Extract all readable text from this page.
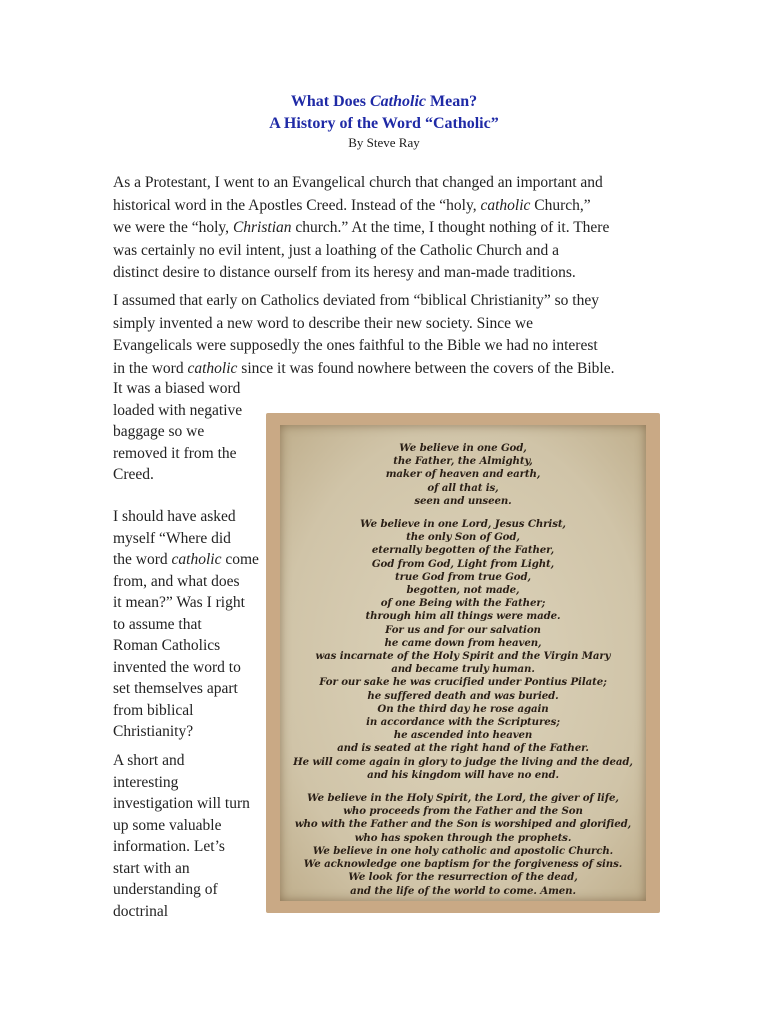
What Does Catholic Mean?
A History of the Word “Catholic”
By Steve Ray
As a Protestant, I went to an Evangelical church that changed an important and
historical word in the Apostles Creed. Instead of the “holy, catholic Church,”
we were the “holy, Christian church.” At the time, I thought nothing of it. There
was certainly no evil intent, just a loathing of the Catholic Church and a
distinct desire to distance ourself from its heresy and man-made traditions.
I assumed that early on Catholics deviated from “biblical Christianity” so they
simply invented a new word to describe their new society. Since we
Evangelicals were supposedly the ones faithful to the Bible we had no interest
in the word catholic since it was found nowhere between the covers of the Bible.
It was a biased word
loaded with negative
baggage so we
removed it from the
Creed.
I should have asked
myself “Where did
the word catholic come
from, and what does
it mean?” Was I right
to assume that
Roman Catholics
invented the word to
set themselves apart
from biblical
Christianity?
A short and
interesting
investigation will turn
up some valuable
information. Let’s
start with an
understanding of
doctrinal
We believe in one God,
the Father, the Almighty,
maker of heaven and earth,
of all that is,
seen and unseen.
We believe in one Lord, Jesus Christ,
the only Son of God,
eternally begotten of the Father,
God from God, Light from Light,
true God from true God,
begotten, not made,
of one Being with the Father;
through him all things were made.
For us and for our salvation
he came down from heaven,
was incarnate of the Holy Spirit and the Virgin Mary
and became truly human.
For our sake he was crucified under Pontius Pilate;
he suffered death and was buried.
On the third day he rose again
in accordance with the Scriptures;
he ascended into heaven
and is seated at the right hand of the Father.
He will come again in glory to judge the living and the dead,
and his kingdom will have no end.
We believe in the Holy Spirit, the Lord, the giver of life,
who proceeds from the Father and the Son
who with the Father and the Son is worshiped and glorified,
who has spoken through the prophets.
We believe in one holy catholic and apostolic Church.
We acknowledge one baptism for the forgiveness of sins.
We look for the resurrection of the dead,
and the life of the world to come. Amen.
